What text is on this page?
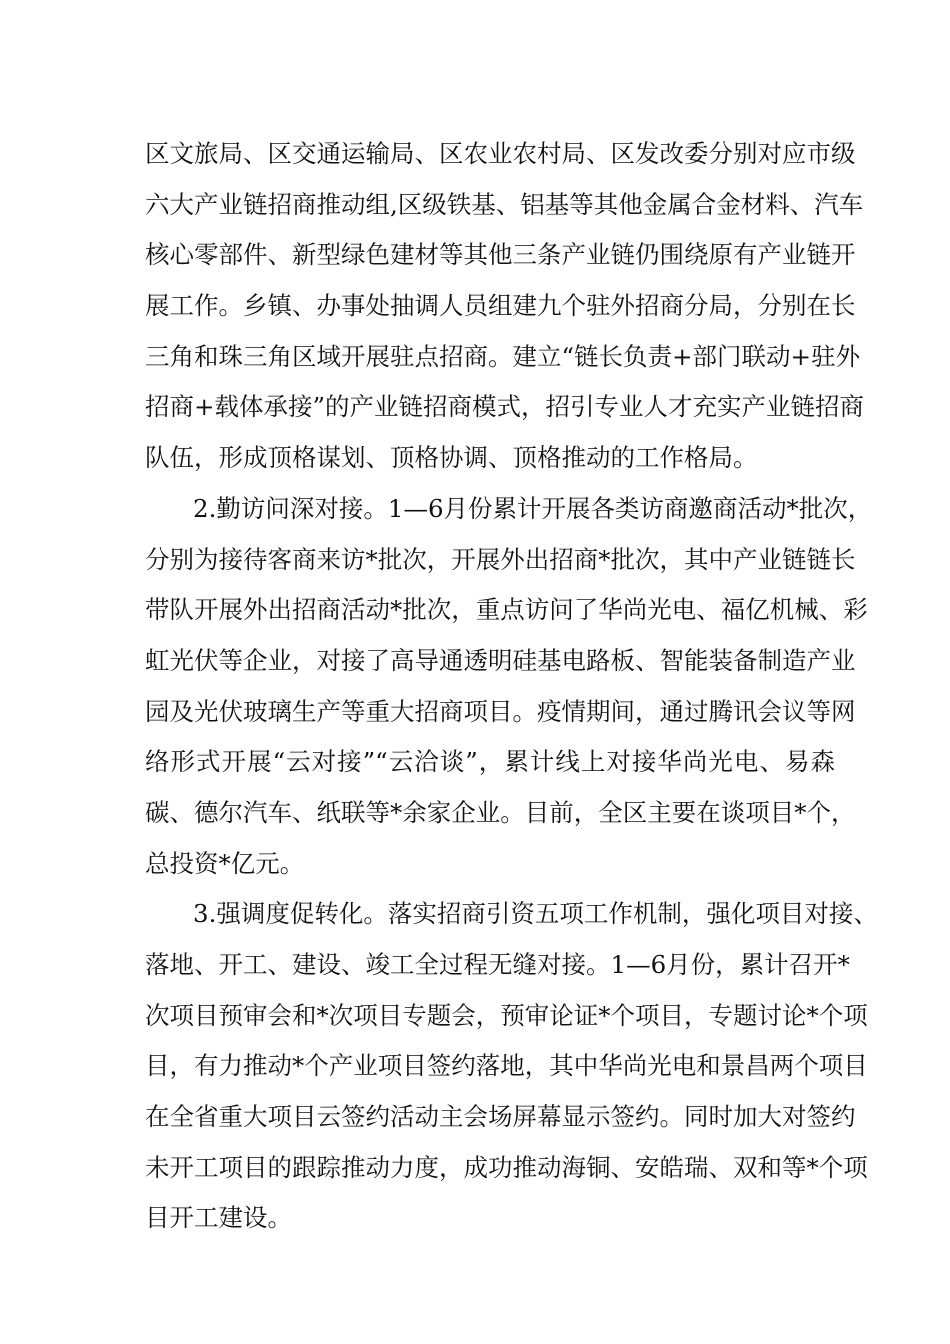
区文旅局、区交通运输局、区农业农村局、区发改委分别对应市级
六大产业链招商推动组,区级铁基、铝基等其他金属合金材料、汽车
核心零部件、新型绿色建材等其他三条产业链仍围绕原有产业链开
展工作。乡镇、办事处抽调人员组建九个驻外招商分局，分别在长
三角和珠三角区域开展驻点招商。建立“链长负责+部门联动+驻外
招商+载体承接”的产业链招商模式，招引专业人才充实产业链招商
队伍，形成顶格谋划、顶格协调、顶格推动的工作格局。
2.勤访问深对接。1—6月份累计开展各类访商邀商活动*批次，
分别为接待客商来访*批次，开展外出招商*批次，其中产业链链长
带队开展外出招商活动*批次，重点访问了华尚光电、福亿机械、彩
虹光伏等企业，对接了高导通透明硅基电路板、智能装备制造产业
园及光伏玻璃生产等重大招商项目。疫情期间，通过腾讯会议等网
络形式开展“云对接”“云洽谈”，累计线上对接华尚光电、易森
碳、德尔汽车、纸联等*余家企业。目前，全区主要在谈项目*个，
总投资*亿元。
3.强调度促转化。落实招商引资五项工作机制，强化项目对接、
落地、开工、建设、竣工全过程无缝对接。1—6月份，累计召开*
次项目预审会和*次项目专题会，预审论证*个项目，专题讨论*个项
目，有力推动*个产业项目签约落地，其中华尚光电和景昌两个项目
在全省重大项目云签约活动主会场屏幕显示签约。同时加大对签约
未开工项目的跟踪推动力度，成功推动海铜、安皓瑞、双和等*个项
目开工建设。
